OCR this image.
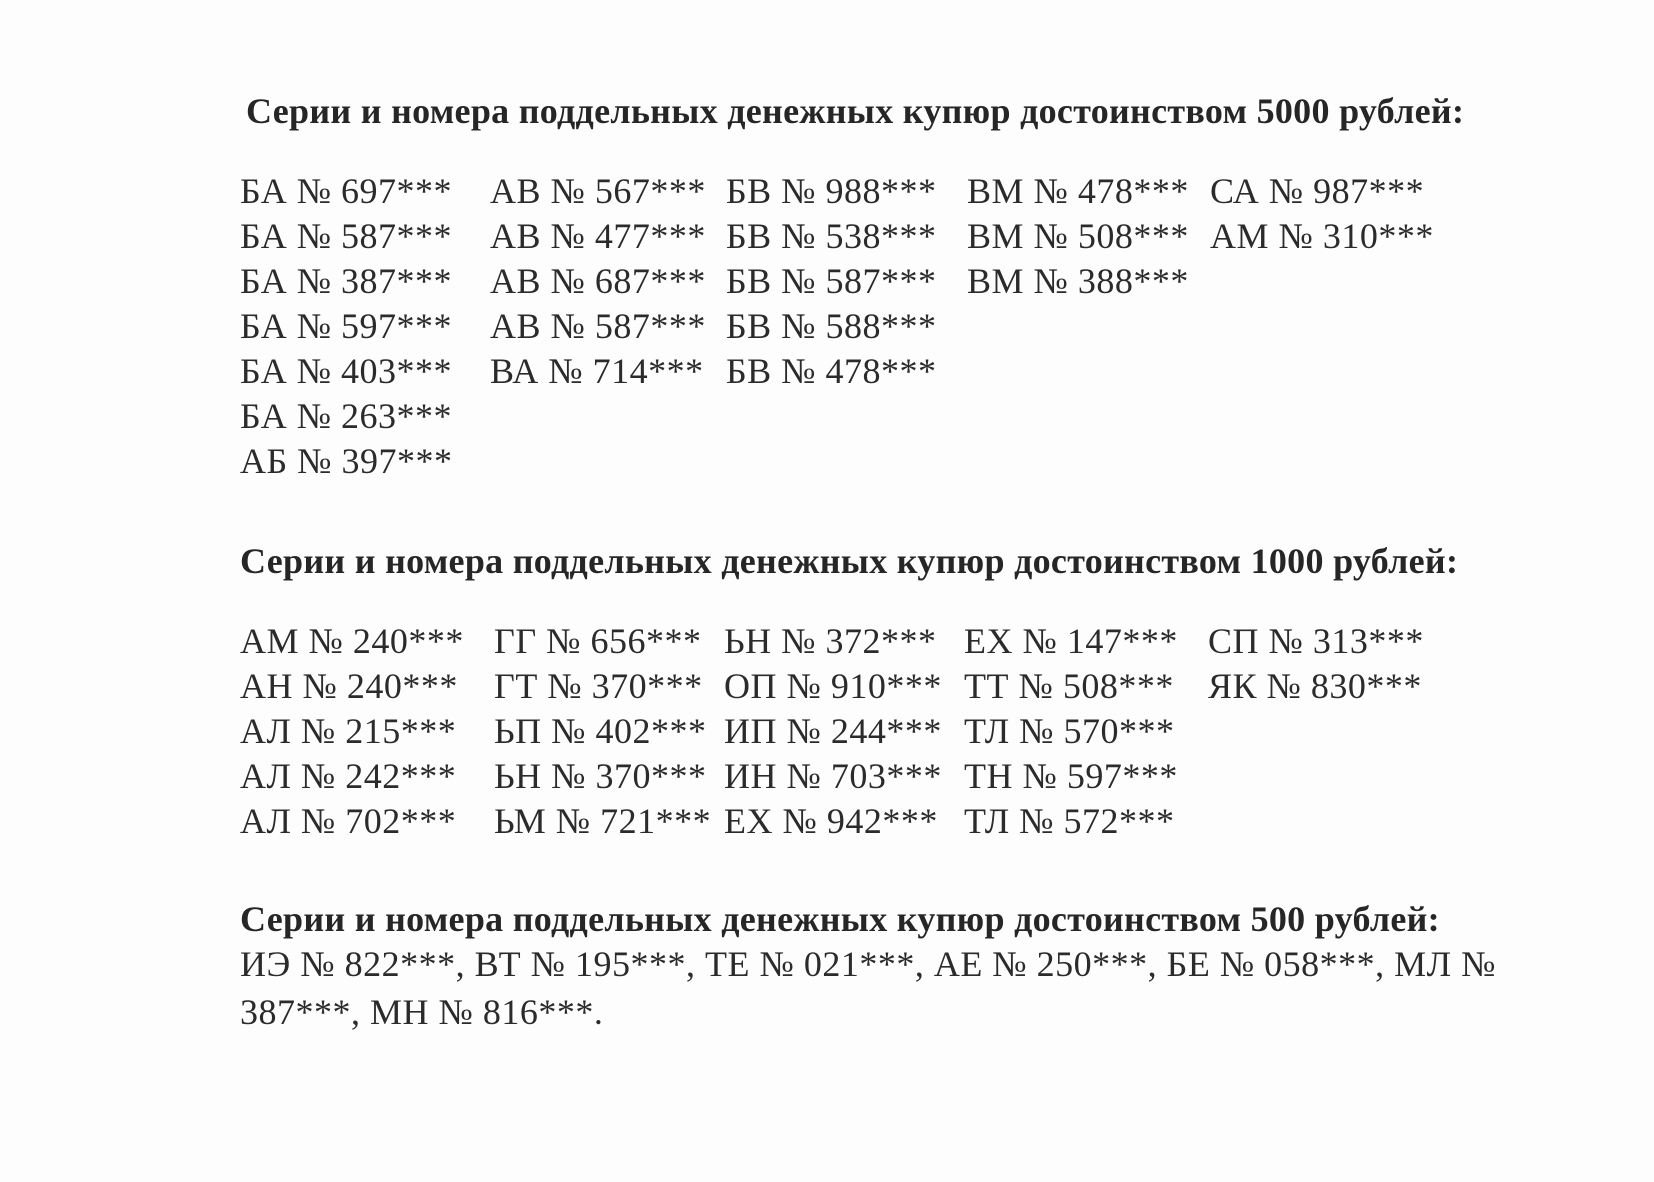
Серии и номера поддельных денежных купюр достоинством 5000 рублей:
БА № 697***
БА № 587***
БА № 387***
БА № 597***
БА № 403***
БА № 263***
АБ № 397***
АВ № 567***
АВ № 477***
АВ № 687***
АВ № 587***
ВА № 714***
БВ № 988***
БВ № 538***
БВ № 587***
БВ № 588***
БВ № 478***
ВМ № 478***
ВМ № 508***
ВМ № 388***
СА № 987***
АМ № 310***
Серии и номера поддельных денежных купюр достоинством 1000 рублей:
АМ № 240***
АН № 240***
АЛ № 215***
АЛ № 242***
АЛ № 702***
ГГ № 656***
ГТ № 370***
ЬП № 402***
ЬН № 370***
ЬМ № 721***
ЬН № 372***
ОП № 910***
ИП № 244***
ИН № 703***
ЕХ № 942***
ЕХ № 147***
ТТ № 508***
ТЛ № 570***
ТН № 597***
ТЛ № 572***
СП № 313***
ЯК № 830***
Серии и номера поддельных денежных купюр достоинством 500 рублей:
ИЭ № 822***, ВТ № 195***, ТЕ № 021***, АЕ № 250***, БЕ № 058***, МЛ № 387***, МН № 816***.
